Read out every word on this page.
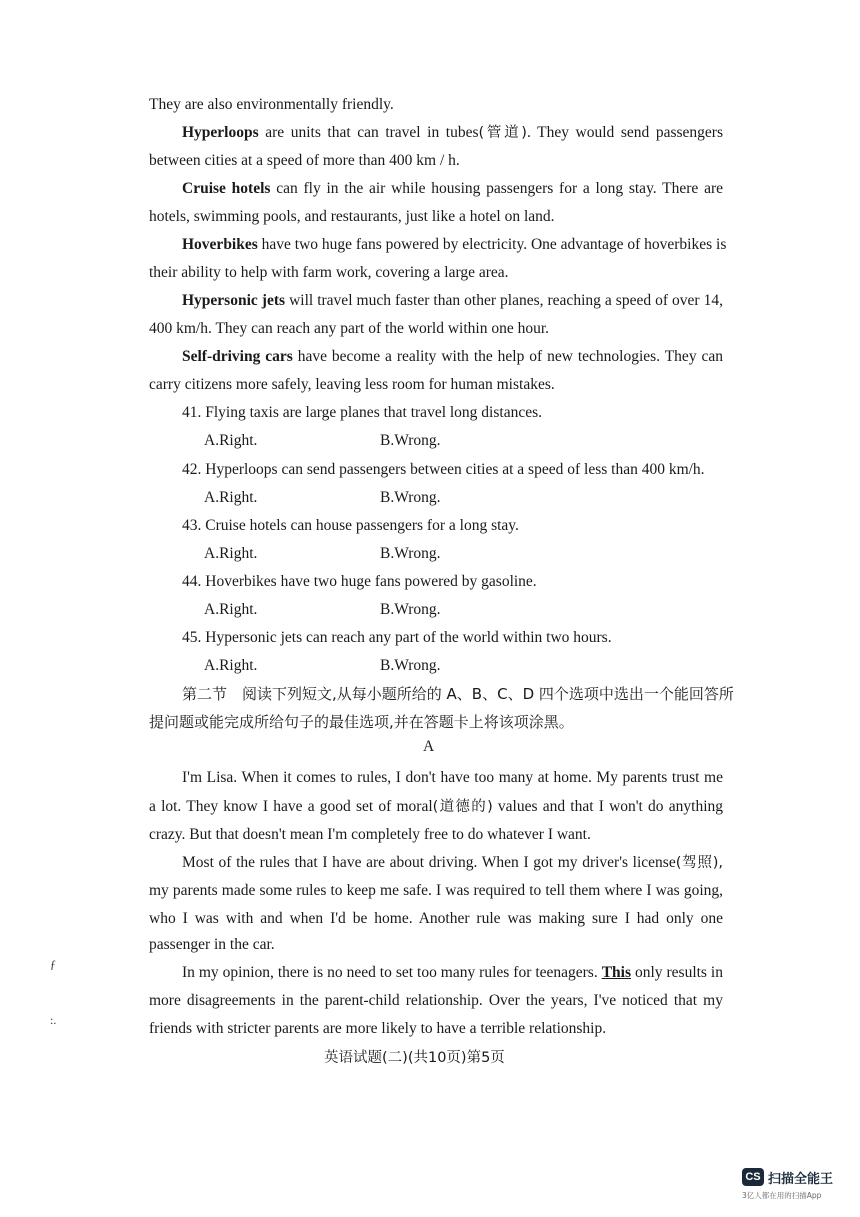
They are also environmentally friendly.
Hyperloops are units that can travel in tubes(管道). They would send passengers
between cities at a speed of more than 400 km / h.
Cruise hotels can fly in the air while housing passengers for a long stay. There are
hotels, swimming pools, and restaurants, just like a hotel on land.
Hoverbikes have two huge fans powered by electricity. One advantage of hoverbikes is
their ability to help with farm work, covering a large area.
Hypersonic jets will travel much faster than other planes, reaching a speed of over 14,
400 km/h. They can reach any part of the world within one hour.
Self-driving cars have become a reality with the help of new technologies. They can
carry citizens more safely, leaving less room for human mistakes.
41. Flying taxis are large planes that travel long distances.
A.Right.	B.Wrong.
42. Hyperloops can send passengers between cities at a speed of less than 400 km/h.
A.Right.	B.Wrong.
43. Cruise hotels can house passengers for a long stay.
A.Right.	B.Wrong.
44. Hoverbikes have two huge fans powered by gasoline.
A.Right.	B.Wrong.
45. Hypersonic jets can reach any part of the world within two hours.
A.Right.	B.Wrong.
第二节　阅读下列短文,从每小题所给的 A、B、C、D 四个选项中选出一个能回答所
提问题或能完成所给句子的最佳选项,并在答题卡上将该项涂黑。
A
I'm Lisa. When it comes to rules, I don't have too many at home. My parents trust me
a lot. They know I have a good set of moral(道德的) values and that I won't do anything
crazy. But that doesn't mean I'm completely free to do whatever I want.
Most of the rules that I have are about driving. When I got my driver's license(驾照),
my parents made some rules to keep me safe. I was required to tell them where I was going,
who I was with and when I'd be home. Another rule was making sure I had only one
passenger in the car.
In my opinion, there is no need to set too many rules for teenagers. This only results in
more disagreements in the parent-child relationship. Over the years, I've noticed that my
friends with stricter parents are more likely to have a terrible relationship.
英语试题(二)(共10页)第5页
ƒ
:.
CS 扫描全能王
3亿人都在用的扫描App
